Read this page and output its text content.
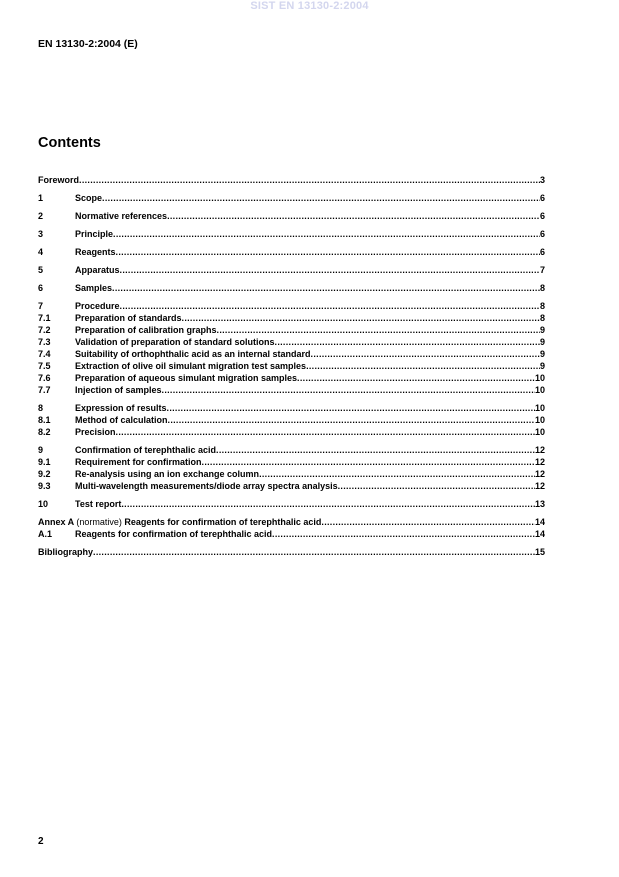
SIST EN 13130-2:2004
EN 13130-2:2004 (E)
Contents
Foreword .....	3
1	Scope .....	6
2	Normative references .....	6
3	Principle .....	6
4	Reagents .....	6
5	Apparatus .....	7
6	Samples .....	8
7	Procedure .....	8
7.1	Preparation of standards .....	8
7.2	Preparation of calibration graphs .....	9
7.3	Validation of preparation of standard solutions .....	9
7.4	Suitability of orthophthalic acid as an internal standard .....	9
7.5	Extraction of olive oil simulant migration test samples .....	9
7.6	Preparation of aqueous simulant migration samples .....	10
7.7	Injection of samples .....	10
8	Expression of results .....	10
8.1	Method of calculation .....	10
8.2	Precision .....	10
9	Confirmation of terephthalic acid .....	12
9.1	Requirement for confirmation .....	12
9.2	Re-analysis using an ion exchange column .....	12
9.3	Multi-wavelength measurements/diode array spectra analysis .....	12
10	Test report .....	13
Annex A (normative) Reagents for confirmation of terephthalic acid .....	14
A.1	Reagents for confirmation of terephthalic acid .....	14
Bibliography .....	15
2
